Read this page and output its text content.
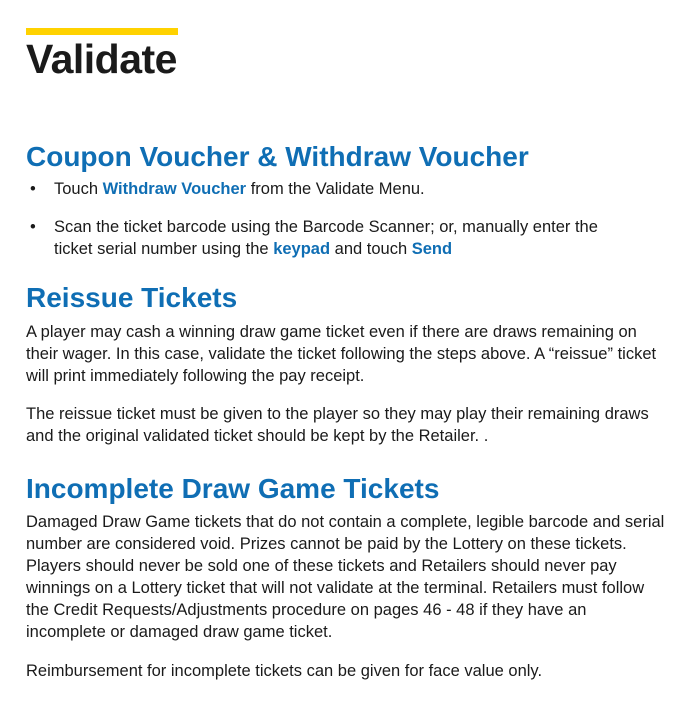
Validate
Coupon Voucher & Withdraw Voucher
• Touch Withdraw Voucher from the Validate Menu.
• Scan the ticket barcode using the Barcode Scanner; or, manually enter the ticket serial number using the keypad and touch Send
Reissue Tickets

A player may cash a winning draw game ticket even if there are draws remaining on their wager. In this case, validate the ticket following the steps above. A “reissue” ticket will print immediately following the pay receipt.

The reissue ticket must be given to the player so they may play their remaining draws and the original validated ticket should be kept by the Retailer. .

Incomplete Draw Game Tickets

Damaged Draw Game tickets that do not contain a complete, legible barcode and serial number are considered void. Prizes cannot be paid by the Lottery on these tickets. Players should never be sold one of these tickets and Retailers should never pay winnings on a Lottery ticket that will not validate at the terminal. Retailers must follow the Credit Requests/Adjustments procedure on pages 46 - 48 if they have an incomplete or damaged draw game ticket.

Reimbursement for incomplete tickets can be given for face value only.
